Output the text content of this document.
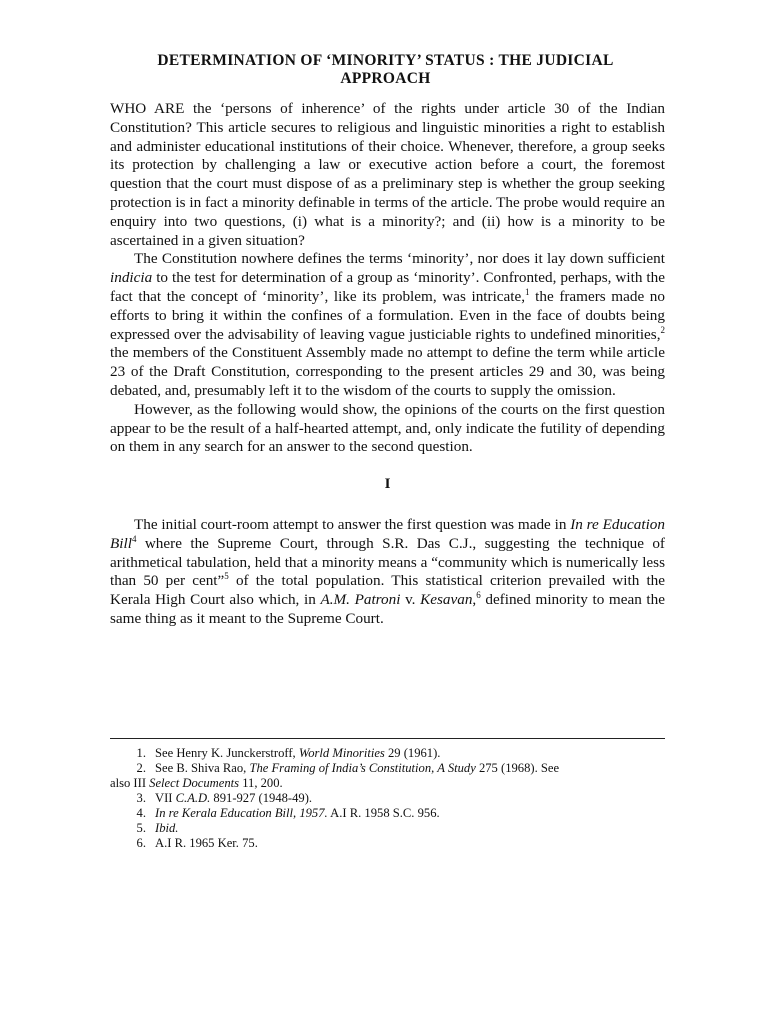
DETERMINATION OF ‘MINORITY’ STATUS : THE JUDICIAL
APPROACH

WHO ARE the ‘persons of inherence’ of the rights under article 30 of the Indian Constitution? This article secures to religious and linguistic minorities a right to establish and administer educational institutions of their choice. Whenever, therefore, a group seeks its protection by challenging a law or executive action before a court, the foremost question that the court must dispose of as a preliminary step is whether the group seeking protection is in fact a minority definable in terms of the article. The probe would require an enquiry into two questions, (i) what is a minority?; and (ii) how is a minority to be ascertained in a given situation?

The Constitution nowhere defines the terms ‘minority’, nor does it lay down sufficient indicia to the test for determination of a group as ‘minority’. Confronted, perhaps, with the fact that the concept of ‘minority’, like its problem, was intricate,$^1$ the framers made no efforts to bring it within the confines of a formulation. Even in the face of doubts being expressed over the advisability of leaving vague justiciable rights to undefined minorities,$^2$ the members of the Constituent Assembly made no attempt to define the term while article 23 of the Draft Constitution, corresponding to the present articles 29 and 30, was being debated, and, presumably left it to the wisdom of the courts to supply the omission.

However, as the following would show, the opinions of the courts on the first question appear to be the result of a half-hearted attempt, and, only indicate the futility of depending on them in any search for an answer to the second question.

I

The initial court-room attempt to answer the first question was made in In re Education Bill$^4$ where the Supreme Court, through S.R. Das C.J., suggesting the technique of arithmetical tabulation, held that a minority means a “community which is numerically less than 50 per cent”$^5$ of the total population. This statistical criterion prevailed with the Kerala High Court also which, in A.M. Patroni v. Kesavan,$^6$ defined minority to mean the same thing as it meant to the Supreme Court.

1. See Henry K. Junckerstroff, World Minorities 29 (1961).
2. See B. Shiva Rao, The Framing of India’s Constitution, A Study 275 (1968). See
also III Select Documents 11, 200.
3. VII C.A.D. 891-927 (1948-49).
4. In re Kerala Education Bill, 1957. A.I R. 1958 S.C. 956.
5. Ibid.
6. A.I R. 1965 Ker. 75.
